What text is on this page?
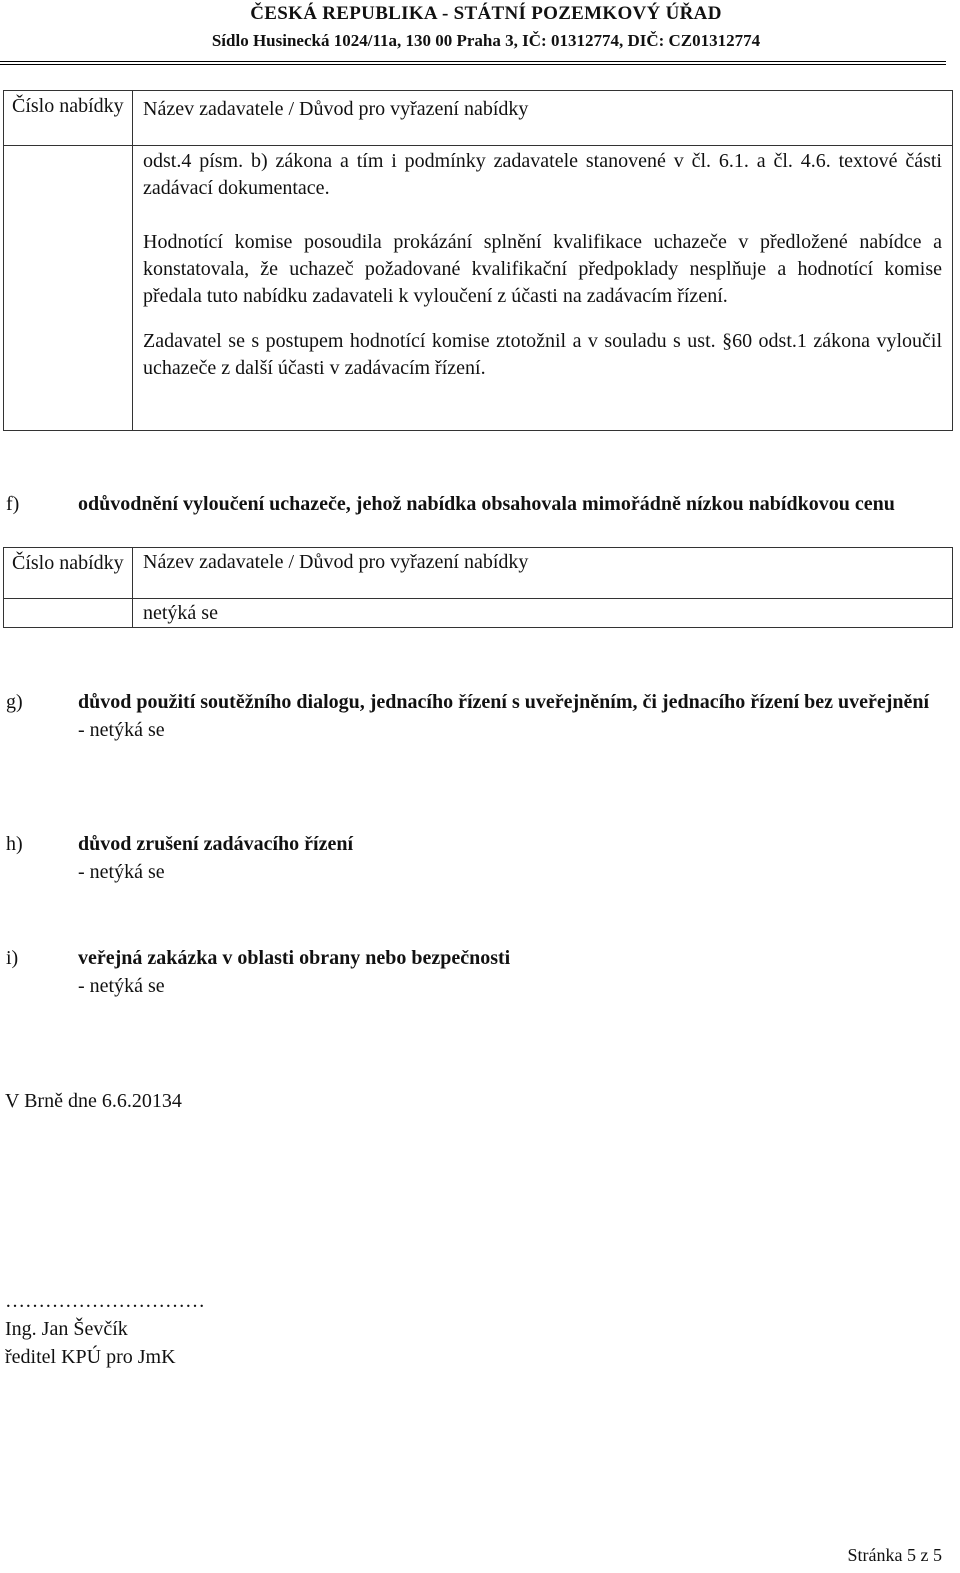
ČESKÁ REPUBLIKA - STÁTNÍ POZEMKOVÝ ÚŘAD
Sídlo Husinecká 1024/11a, 130 00 Praha 3, IČ: 01312774, DIČ: CZ01312774
Číslo nabídky	Název zadavatele / Důvod pro vyřazení nabídky

	odst.4 písm. b) zákona a tím i podmínky zadavatele stanovené v čl. 6.1. a čl. 4.6. textové části zadávací dokumentace.

Hodnotící komise posoudila prokázání splnění kvalifikace uchazeče v předložené nabídce a konstatovala, že uchazeč požadované kvalifikační předpoklady nesplňuje a hodnotící komise předala tuto nabídku zadavateli k vyloučení z účasti na zadávacím řízení.

Zadavatel se s postupem hodnotící komise ztotožnil a v souladu s ust. §60 odst.1 zákona vyloučil uchazeče z další účasti v zadávacím řízení.

f)	odůvodnění vyloučení uchazeče, jehož nabídka obsahovala mimořádně nízkou nabídkovou cenu
Číslo nabídky	Název zadavatele / Důvod pro vyřazení nabídky

	netýká se
g)	důvod použití soutěžního dialogu, jednacího řízení s uveřejněním, či jednacího řízení bez uveřejnění
- netýká se
h)	důvod zrušení zadávacího řízení
- netýká se
i)	veřejná zakázka v oblasti obrany nebo bezpečnosti
- netýká se
V Brně dne 6.6.20134
…………………………
Ing. Jan Ševčík
ředitel KPÚ pro JmK
Stránka 5 z 5
